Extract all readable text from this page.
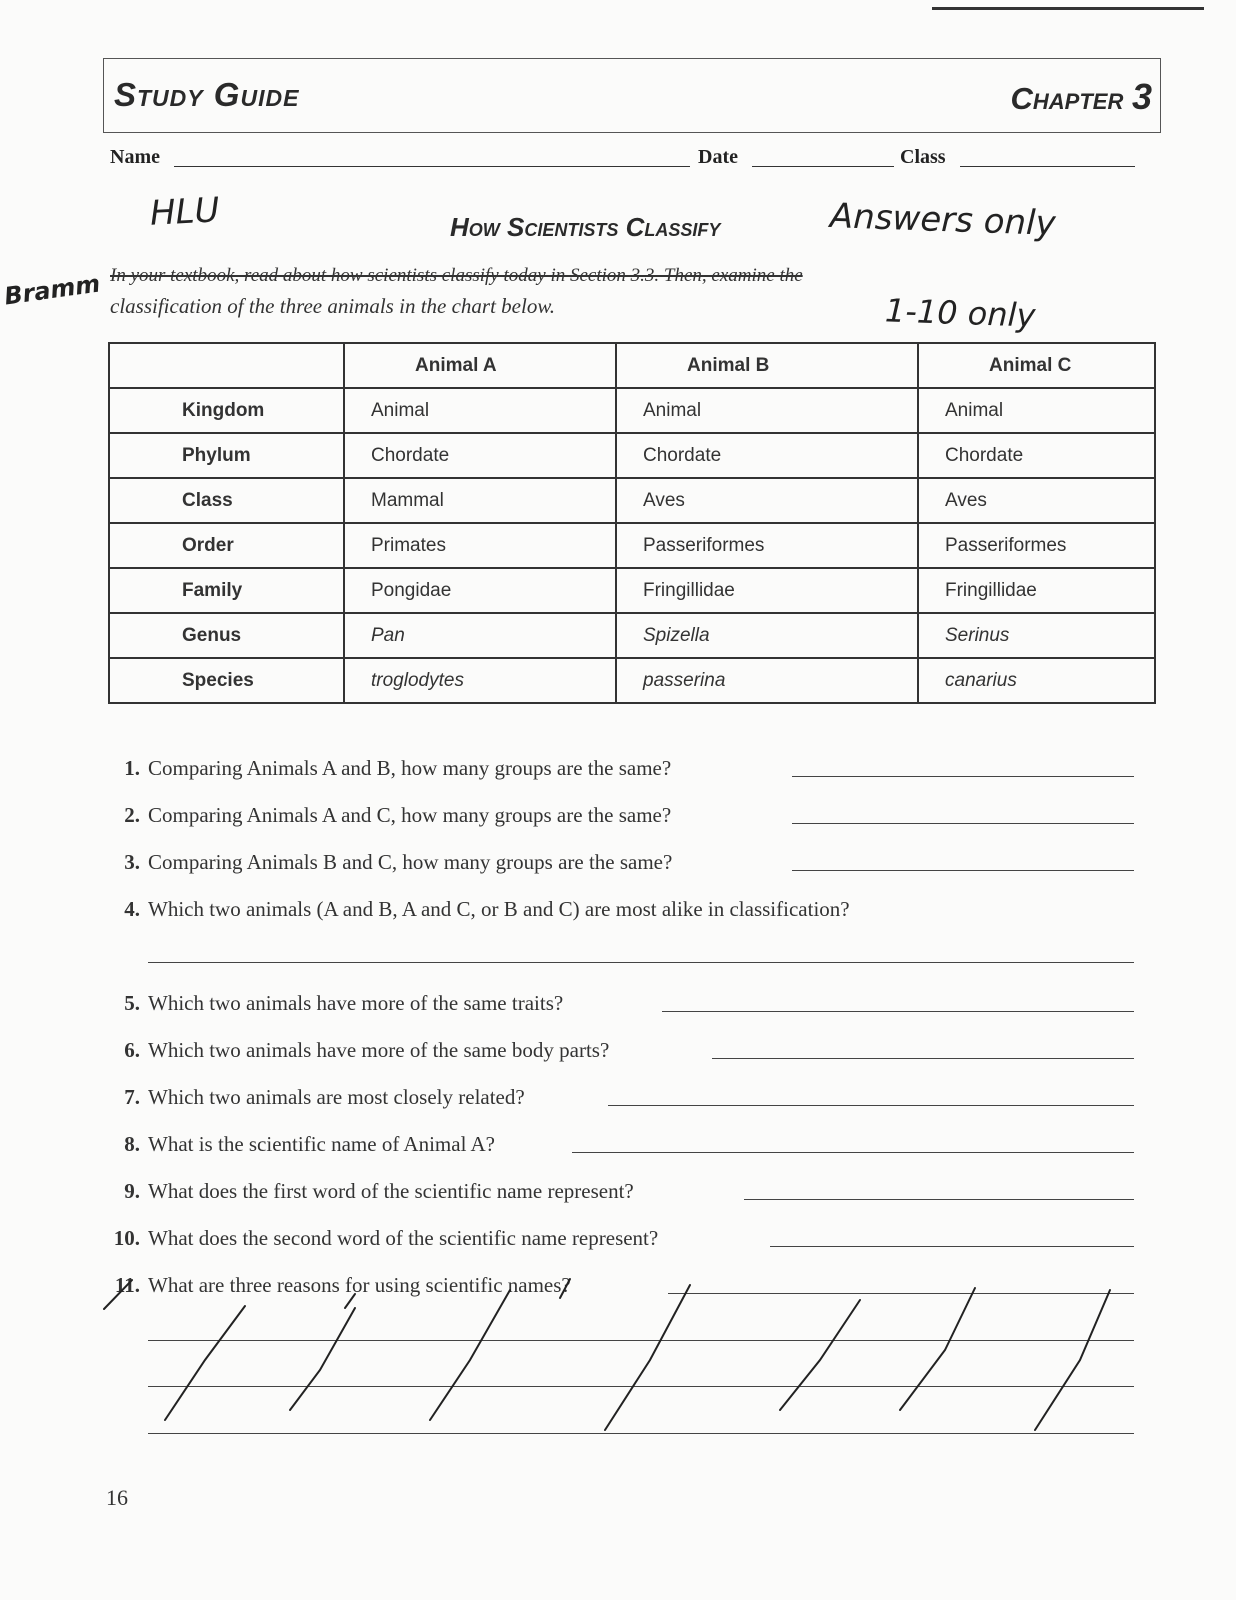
Study Guide	Chapter 3
Name	Date	Class
How Scientists Classify
In your textbook, read about how scientists classify today in Section 3.3. Then, examine the
classification of the three animals in the chart below.
	Animal A	Animal B	Animal C
Kingdom	Animal	Animal	Animal
Phylum	Chordate	Chordate	Chordate
Class	Mammal	Aves	Aves
Order	Primates	Passeriformes	Passeriformes
Family	Pongidae	Fringillidae	Fringillidae
Genus	Pan	Spizella	Serinus
Species	troglodytes	passerina	canarius
1. Comparing Animals A and B, how many groups are the same?
2. Comparing Animals A and C, how many groups are the same?
3. Comparing Animals B and C, how many groups are the same?
4. Which two animals (A and B, A and C, or B and C) are most alike in classification?
5. Which two animals have more of the same traits?
6. Which two animals have more of the same body parts?
7. Which two animals are most closely related?
8. What is the scientific name of Animal A?
9. What does the first word of the scientific name represent?
10. What does the second word of the scientific name represent?
11. What are three reasons for using scientific names?
16
HLU	Answers only
1-10 only
Bramm
